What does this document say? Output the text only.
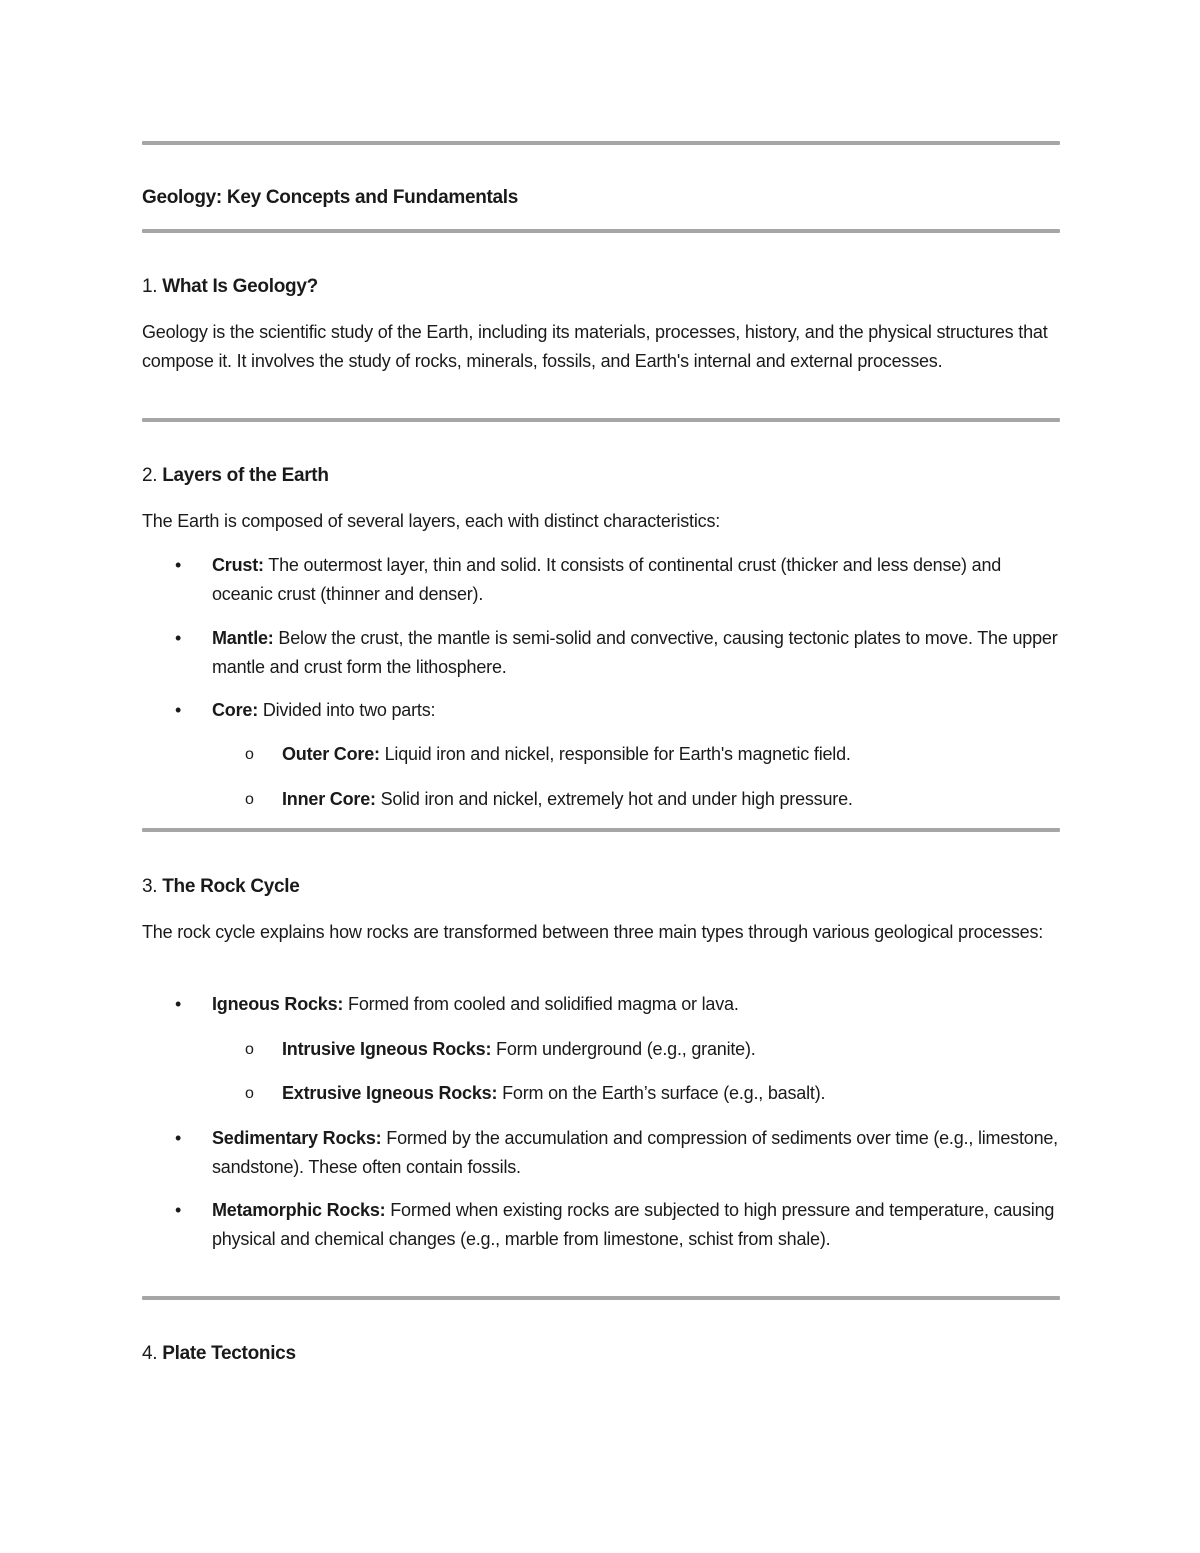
Geology: Key Concepts and Fundamentals
1. What Is Geology?

Geology is the scientific study of the Earth, including its materials, processes, history, and the physical structures that compose it. It involves the study of rocks, minerals, fossils, and Earth's internal and external processes.

2. Layers of the Earth

The Earth is composed of several layers, each with distinct characteristics:

• Crust: The outermost layer, thin and solid. It consists of continental crust (thicker and less dense) and oceanic crust (thinner and denser).
• Mantle: Below the crust, the mantle is semi-solid and convective, causing tectonic plates to move. The upper mantle and crust form the lithosphere.
• Core: Divided into two parts:
o Outer Core: Liquid iron and nickel, responsible for Earth's magnetic field.
o Inner Core: Solid iron and nickel, extremely hot and under high pressure.
3. The Rock Cycle

The rock cycle explains how rocks are transformed between three main types through various geological processes:

• Igneous Rocks: Formed from cooled and solidified magma or lava.
o Intrusive Igneous Rocks: Form underground (e.g., granite).
o Extrusive Igneous Rocks: Form on the Earth’s surface (e.g., basalt).
• Sedimentary Rocks: Formed by the accumulation and compression of sediments over time (e.g., limestone, sandstone). These often contain fossils.
• Metamorphic Rocks: Formed when existing rocks are subjected to high pressure and temperature, causing physical and chemical changes (e.g., marble from limestone, schist from shale).
4. Plate Tectonics
